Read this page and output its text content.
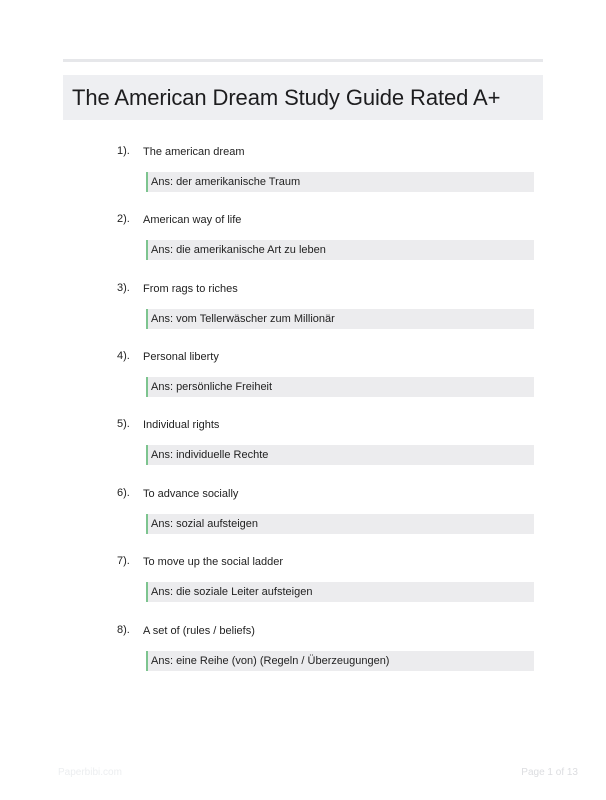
The American Dream Study Guide Rated A+
1). The american dream
Ans: der amerikanische Traum
2). American way of life
Ans: die amerikanische Art zu leben
3). From rags to riches
Ans: vom Tellerwäscher zum Millionär
4). Personal liberty
Ans: persönliche Freiheit
5). Individual rights
Ans: individuelle Rechte
6). To advance socially
Ans: sozial aufsteigen
7). To move up the social ladder
Ans: die soziale Leiter aufsteigen
8). A set of (rules / beliefs)
Ans: eine Reihe (von) (Regeln / Überzeugungen)
Paperbibi.com	Page 1 of 13
